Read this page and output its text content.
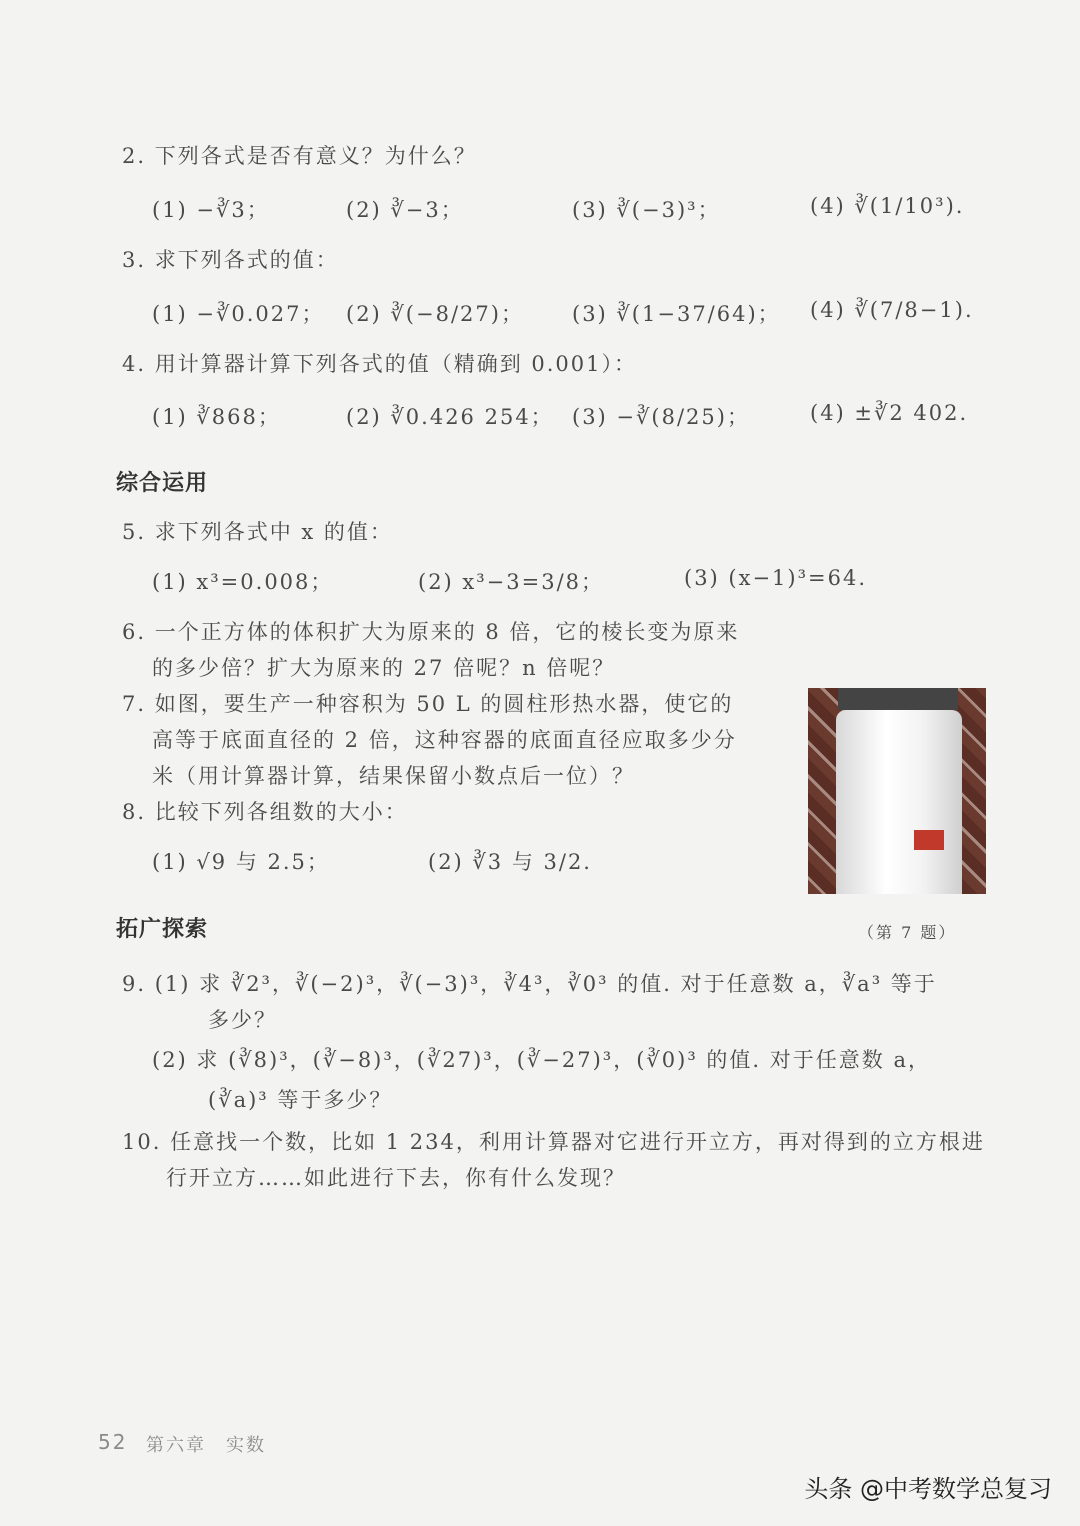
2. 下列各式是否有意义？为什么？
(1) −∛3；	(2) ∛−3；	(3) ∛(−3)³；	(4) ∛(1/10³).
3. 求下列各式的值：
(1) −∛0.027； (2) ∛(−8/27)； (3) ∛(1−37/64)； (4) ∛(7/8−1).
4. 用计算器计算下列各式的值（精确到 0.001）：
(1) ∛868；	(2) ∛0.426 254； (3) −∛(8/25)；	(4) ±∛2 402.
综合运用
5. 求下列各式中 x 的值：
(1) x³=0.008；	(2) x³−3=3/8；	(3) (x−1)³=64.
6. 一个正方体的体积扩大为原来的 8 倍，它的棱长变为原来
的多少倍？扩大为原来的 27 倍呢？n 倍呢？
7. 如图，要生产一种容积为 50 L 的圆柱形热水器，使它的
高等于底面直径的 2 倍，这种容器的底面直径应取多少分
米（用计算器计算，结果保留小数点后一位）？
8. 比较下列各组数的大小：
(1) √9 与 2.5；	(2) ∛3 与 3/2.
（第 7 题）
拓广探索
9. (1) 求 ∛2³，∛(−2)³，∛(−3)³，∛4³，∛0³ 的值. 对于任意数 a，∛a³ 等于
多少？
(2) 求 (∛8)³，(∛−8)³，(∛27)³，(∛−27)³，(∛0)³ 的值. 对于任意数 a，
(∛a)³ 等于多少？
10. 任意找一个数，比如 1 234，利用计算器对它进行开立方，再对得到的立方根进
行开立方……如此进行下去，你有什么发现？
52 第六章　实数
头条 @中考数学总复习
